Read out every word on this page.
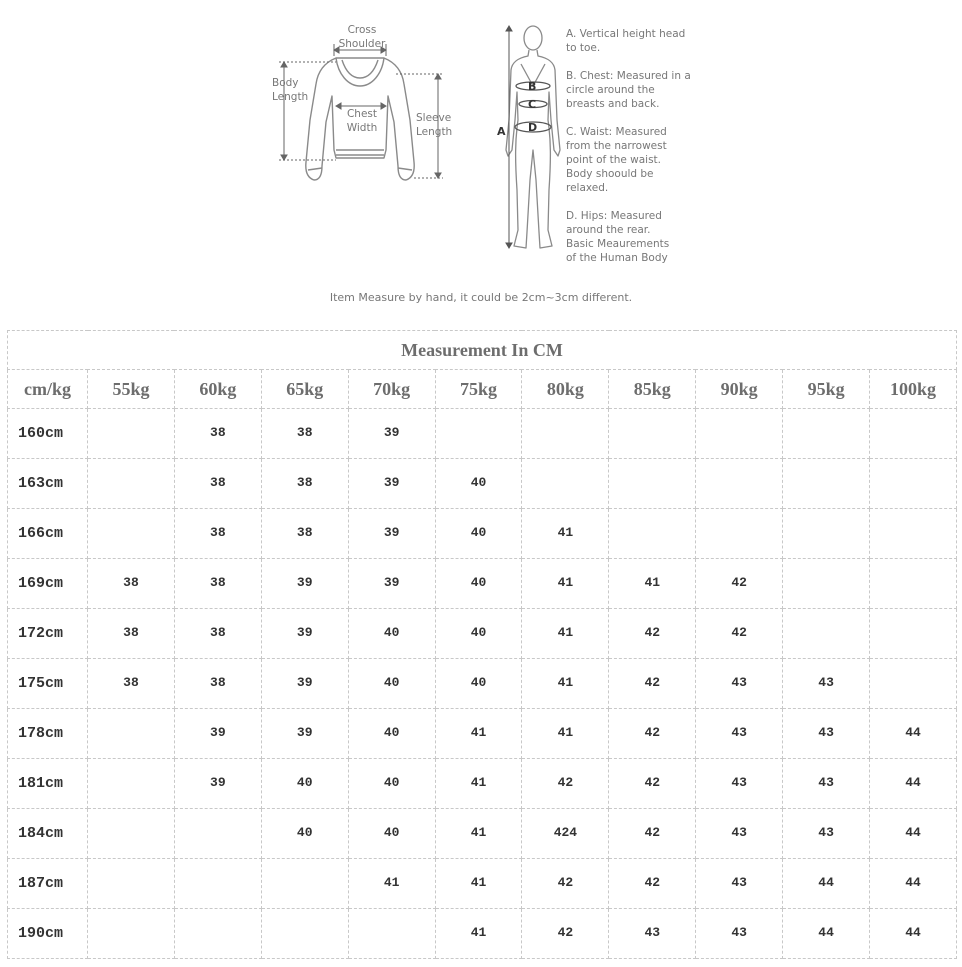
Cross
Shoulder
Body
Length
Chest
Width
Sleeve
Length	A
B
C
D
A. Vertical height head
to toe.
B. Chest: Measured in a
circle around the
breasts and back.
C. Waist: Measured
from the narrowest
point of the waist.
Body shoould be
relaxed.
D. Hips: Measured
around the rear.
Basic Meaurements
of the Human Body
Item Measure by hand, it could be 2cm~3cm different.
Measurement In CM										
cm/kg	55kg	60kg	65kg	70kg	75kg	80kg	85kg	90kg	95kg	100kg
160cm		38	38	39						
163cm		38	38	39	40					
166cm		38	38	39	40	41				
169cm	38	38	39	39	40	41	41	42		
172cm	38	38	39	40	40	41	42	42		
175cm	38	38	39	40	40	41	42	43	43	
178cm		39	39	40	41	41	42	43	43	44
181cm		39	40	40	41	42	42	43	43	44
184cm			40	40	41	424	42	43	43	44
187cm				41	41	42	42	43	44	44
190cm					41	42	43	43	44	44
